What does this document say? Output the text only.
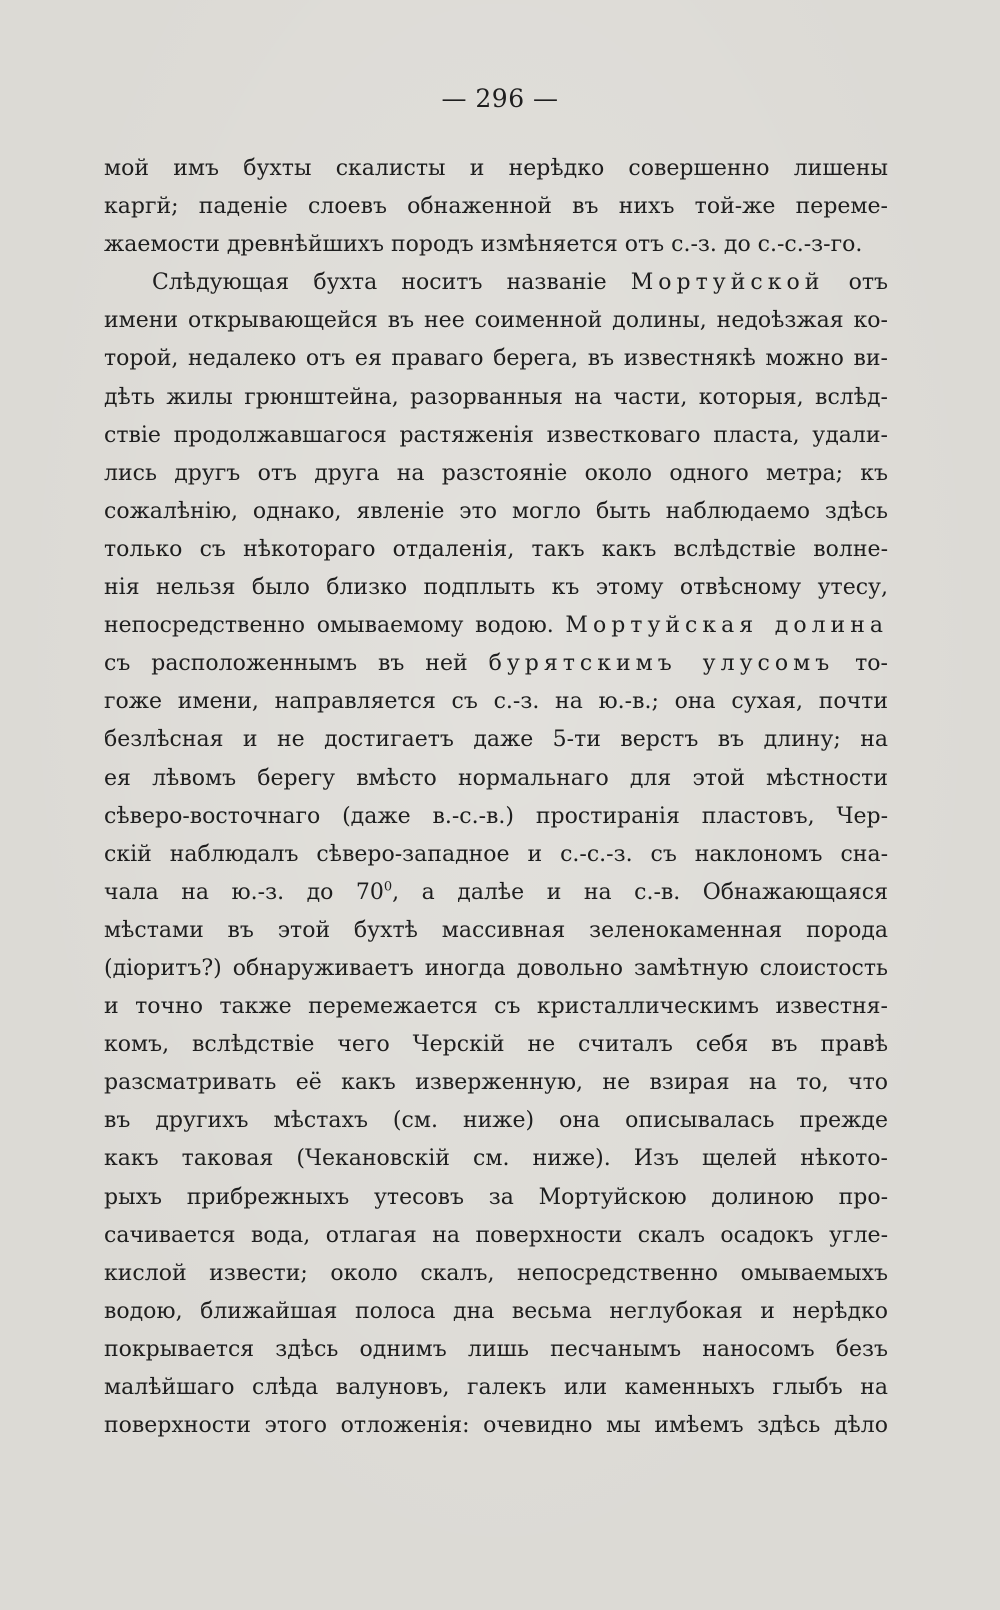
— 296 —
мой имъ бухты скалисты и нерѣдко совершенно лишены
каргй; паденіе слоевъ обнаженной въ нихъ той-же переме-
жаемости древнѣйшихъ породъ измѣняется отъ с.-з. до с.-с.-з-го.
Слѣдующая бухта носитъ названіе Мортуйской отъ
имени открывающейся въ нее соименной долины, недоѣзжая ко-
торой, недалеко отъ ея праваго берега, въ известнякѣ можно ви-
дѣть жилы грюнштейна, разорванныя на части, которыя, вслѣд-
ствіе продолжавшагося растяженія известковаго пласта, удали-
лись другъ отъ друга на разстояніе около одного метра; къ
сожалѣнію, однако, явленіе это могло быть наблюдаемо здѣсь
только съ нѣкотораго отдаленія, такъ какъ вслѣдствіе волне-
нія нельзя было близко подплыть къ этому отвѣсному утесу,
непосредственно омываемому водою. Мортуйская долина
съ расположеннымъ въ ней бурятскимъ улусомъ то-
гоже имени, направляется съ с.-з. на ю.-в.; она сухая, почти
безлѣсная и не достигаетъ даже 5-ти верстъ въ длину; на
ея лѣвомъ берегу вмѣсто нормальнаго для этой мѣстности
сѣверо-восточнаго (даже в.-с.-в.) простиранія пластовъ, Чер-
скій наблюдалъ сѣверо-западное и с.-с.-з. съ наклономъ сна-
чала на ю.-з. до $70^0$, а далѣе и на с.-в. Обнажающаяся
мѣстами въ этой бухтѣ массивная зеленокаменная порода
(діоритъ?) обнаруживаетъ иногда довольно замѣтную слоистость
и точно также перемежается съ кристаллическимъ известня-
комъ, вслѣдствіе чего Черскій не считалъ себя въ правѣ
разсматривать её какъ изверженную, не взирая на то, что
въ другихъ мѣстахъ (см. ниже) она описывалась прежде
какъ таковая (Чекановскій см. ниже). Изъ щелей нѣкото-
рыхъ прибрежныхъ утесовъ за Мортуйскою долиною про-
сачивается вода, отлагая на поверхности скалъ осадокъ угле-
кислой извести; около скалъ, непосредственно омываемыхъ
водою, ближайшая полоса дна весьма неглубокая и нерѣдко
покрывается здѣсь однимъ лишь песчанымъ наносомъ безъ
малѣйшаго слѣда валуновъ, галекъ или каменныхъ глыбъ на
поверхности этого отложенія: очевидно мы имѣемъ здѣсь дѣло
